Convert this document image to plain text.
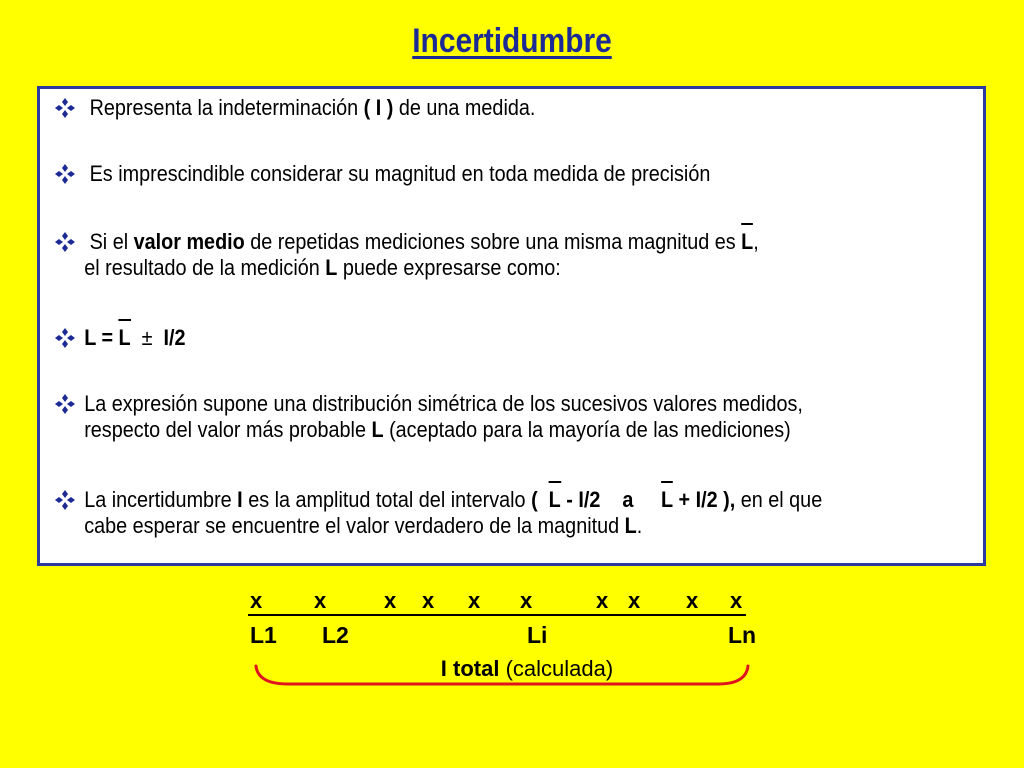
Incertidumbre
Representa la indeterminación ( I ) de una medida.
Es imprescindible considerar su magnitud en toda medida de precisión
Si el valor medio de repetidas mediciones sobre una misma magnitud es L,
el resultado de la medición L puede expresarse como:
L = L ± I/2
La expresión supone una distribución simétrica de los sucesivos valores medidos,
respecto del valor más probable L (aceptado para la mayoría de las mediciones)
La incertidumbre I es la amplitud total del intervalo (  L - I/2 a L + I/2 ), en el que
cabe esperar se encuentre el valor verdadero de la magnitud L.
x x	x x x x	x x x x
L1 L2	Li	Ln
I total (calculada)
